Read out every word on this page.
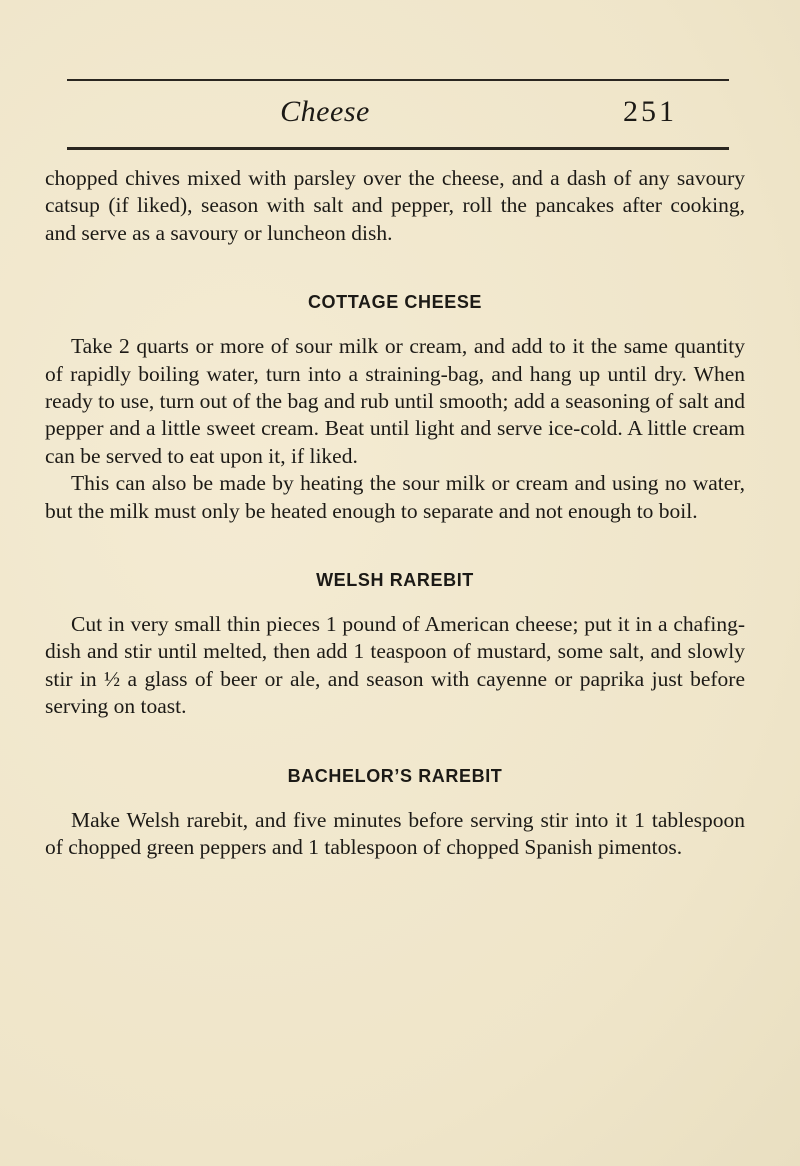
Cheese	251

chopped chives mixed with parsley over the cheese, and a dash of any savoury catsup (if liked), season with salt and pepper, roll the pancakes after cooking, and serve as a savoury or luncheon dish.

COTTAGE CHEESE

Take 2 quarts or more of sour milk or cream, and add to it the same quantity of rapidly boiling water, turn into a straining-bag, and hang up until dry. When ready to use, turn out of the bag and rub until smooth; add a seasoning of salt and pepper and a little sweet cream. Beat until light and serve ice-cold. A little cream can be served to eat upon it, if liked.

This can also be made by heating the sour milk or cream and using no water, but the milk must only be heated enough to separate and not enough to boil.

WELSH RAREBIT

Cut in very small thin pieces 1 pound of American cheese; put it in a chafing-dish and stir until melted, then add 1 teaspoon of mustard, some salt, and slowly stir in ½ a glass of beer or ale, and season with cayenne or paprika just before serving on toast.

BACHELOR’S RAREBIT

Make Welsh rarebit, and five minutes before serving stir into it 1 tablespoon of chopped green peppers and 1 tablespoon of chopped Spanish pimentos.
